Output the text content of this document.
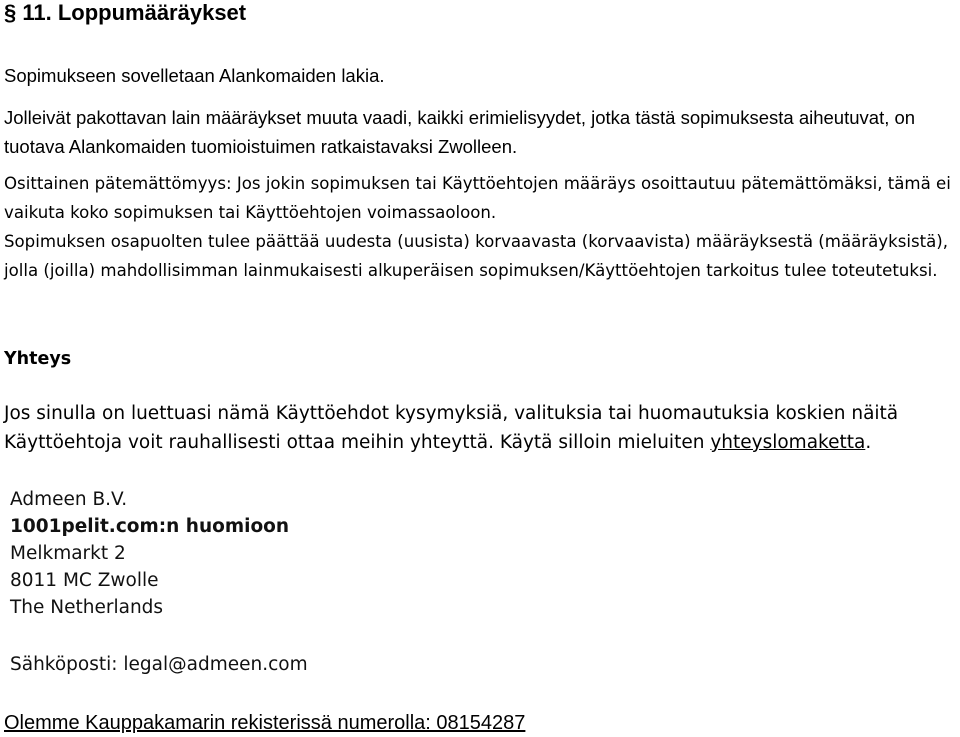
§ 11. Loppumääräykset
Sopimukseen sovelletaan Alankomaiden lakia.
Jolleivät pakottavan lain määräykset muuta vaadi, kaikki erimielisyydet, jotka tästä sopimuksesta aiheutuvat, on tuotava Alankomaiden tuomioistuimen ratkaistavaksi Zwolleen.
Osittainen pätemättömyys: Jos jokin sopimuksen tai Käyttöehtojen määräys osoittautuu pätemättömäksi, tämä ei vaikuta koko sopimuksen tai Käyttöehtojen voimassaoloon.
Sopimuksen osapuolten tulee päättää uudesta (uusista) korvaavasta (korvaavista) määräyksestä (määräyksistä), jolla (joilla) mahdollisimman lainmukaisesti alkuperäisen sopimuksen/Käyttöehtojen tarkoitus tulee toteutetuksi.
Yhteys
Jos sinulla on luettuasi nämä Käyttöehdot kysymyksiä, valituksia tai huomautuksia koskien näitä Käyttöehtoja voit rauhallisesti ottaa meihin yhteyttä. Käytä silloin mieluiten yhteyslomaketta.
Admeen B.V.
1001pelit.com:n huomioon
Melkmarkt 2
8011 MC Zwolle
The Netherlands
Sähköposti: legal@admeen.com
Olemme Kauppakamarin rekisterissä numerolla: 08154287
